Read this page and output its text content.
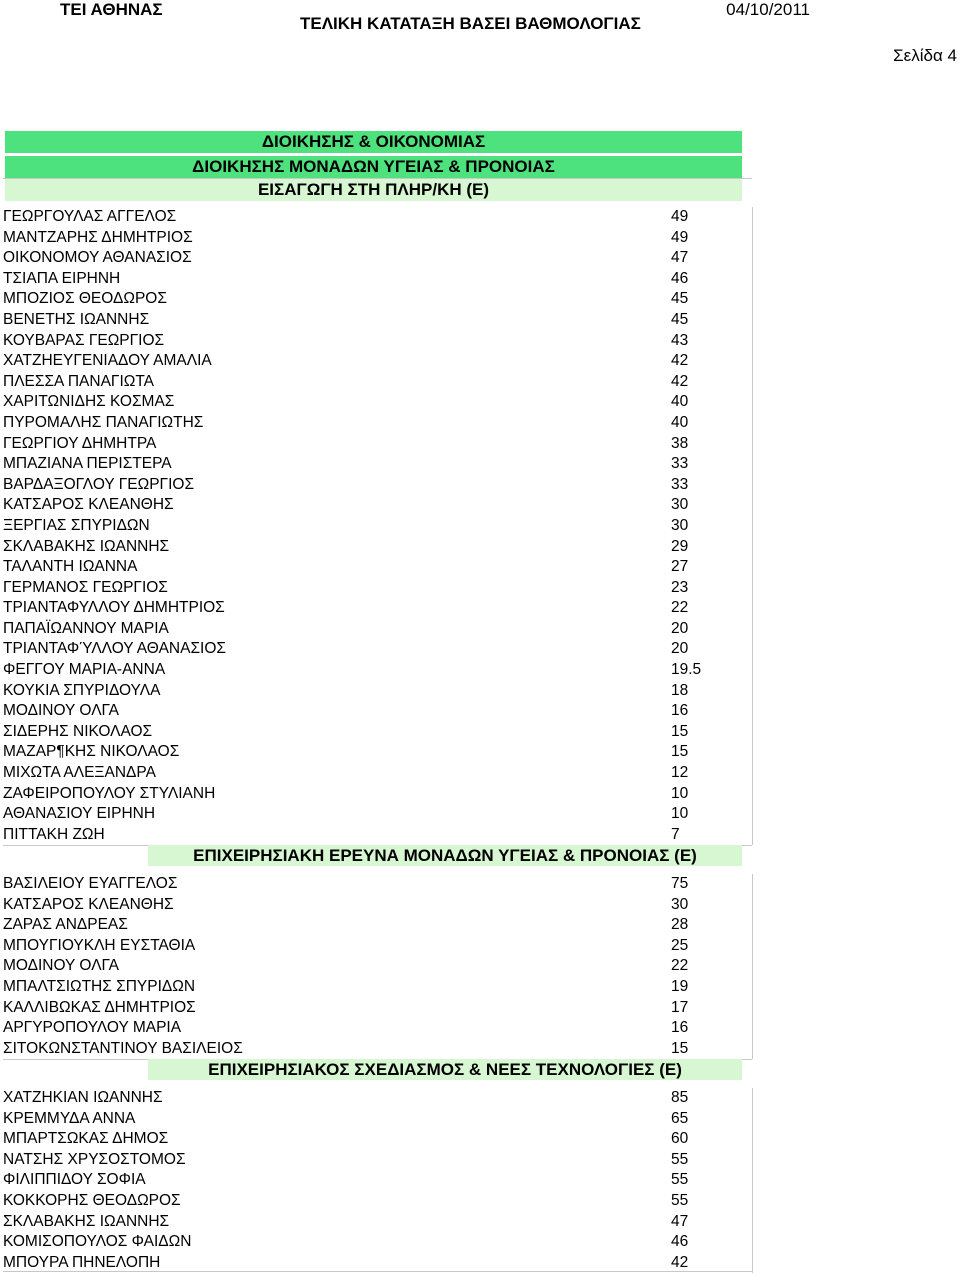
ΤΕΙ ΑΘΗΝΑΣ
ΤΕΛΙΚΗ ΚΑΤΑΤΑΞΗ ΒΑΣΕΙ ΒΑΘΜΟΛΟΓΙΑΣ
04/10/2011
Σελίδα 4
ΔΙΟΙΚΗΣΗΣ & ΟΙΚΟΝΟΜΙΑΣ
ΔΙΟΙΚΗΣΗΣ ΜΟΝΑΔΩΝ ΥΓΕΙΑΣ & ΠΡΟΝΟΙΑΣ
ΕΙΣΑΓΩΓΗ ΣΤΗ ΠΛΗΡ/ΚΗ (Ε)
ΓΕΩΡΓΟΥΛΑΣ ΑΓΓΕΛΟΣ	49
ΜΑΝΤΖΑΡΗΣ ΔΗΜΗΤΡΙΟΣ	49
ΟΙΚΟΝΟΜΟΥ ΑΘΑΝΑΣΙΟΣ	47
ΤΣΙΑΠΑ ΕΙΡΗΝΗ	46
ΜΠΟΖΙΟΣ ΘΕΟΔΩΡΟΣ	45
ΒΕΝΕΤΗΣ ΙΩΑΝΝΗΣ	45
ΚΟΥΒΑΡΑΣ ΓΕΩΡΓΙΟΣ	43
ΧΑΤΖΗΕΥΓΕΝΙΑΔΟΥ ΑΜΑΛΙΑ	42
ΠΛΕΣΣΑ ΠΑΝΑΓΙΩΤΑ	42
ΧΑΡΙΤΩΝΙΔΗΣ ΚΟΣΜΑΣ	40
ΠΥΡΟΜΑΛΗΣ ΠΑΝΑΓΙΩΤΗΣ	40
ΓΕΩΡΓΙΟΥ ΔΗΜΗΤΡΑ	38
ΜΠΑΖΙΑΝΑ ΠΕΡΙΣΤΕΡΑ	33
ΒΑΡΔΑΞΟΓΛΟΥ ΓΕΩΡΓΙΟΣ	33
ΚΑΤΣΑΡΟΣ ΚΛΕΑΝΘΗΣ	30
ΞΕΡΓΙΑΣ ΣΠΥΡΙΔΩΝ	30
ΣΚΛΑΒΑΚΗΣ ΙΩΑΝΝΗΣ	29
ΤΑΛΑΝΤΗ ΙΩΑΝΝΑ	27
ΓΕΡΜΑΝΟΣ ΓΕΩΡΓΙΟΣ	23
ΤΡΙΑΝΤΑΦΥΛΛΟΥ ΔΗΜΗΤΡΙΟΣ	22
ΠΑΠΑΪΩΑΝΝΟΥ ΜΑΡΙΑ	20
ΤΡΙΑΝΤΑΦΎΛΛΟΥ ΑΘΑΝΑΣΙΟΣ	20
ΦΕΓΓΟΥ ΜΑΡΙΑ-ΑΝΝΑ	19.5
ΚΟΥΚΙΑ ΣΠΥΡΙΔΟΥΛΑ	18
ΜΟΔΙΝΟΥ ΟΛΓΑ	16
ΣΙΔΕΡΗΣ ΝΙΚΟΛΑΟΣ	15
ΜΑΖΑΡ¶ΚΗΣ ΝΙΚΟΛΑΟΣ	15
ΜΙΧΩΤΑ ΑΛΕΞΑΝΔΡΑ	12
ΖΑΦΕΙΡΟΠΟΥΛΟΥ ΣΤΥΛΙΑΝΗ	10
ΑΘΑΝΑΣΙΟΥ ΕΙΡΗΝΗ	10
ΠΙΤΤΑΚΗ ΖΩΗ	7
ΕΠΙΧΕΙΡΗΣΙΑΚΗ ΕΡΕΥΝΑ ΜΟΝΑΔΩΝ ΥΓΕΙΑΣ & ΠΡΟΝΟΙΑΣ (Ε)
ΒΑΣΙΛΕΙΟΥ ΕΥΑΓΓΕΛΟΣ	75
ΚΑΤΣΑΡΟΣ ΚΛΕΑΝΘΗΣ	30
ΖΑΡΑΣ ΑΝΔΡΕΑΣ	28
ΜΠΟΥΓΙΟΥΚΛΗ ΕΥΣΤΑΘΙΑ	25
ΜΟΔΙΝΟΥ ΟΛΓΑ	22
ΜΠΑΛΤΣΙΩΤΗΣ ΣΠΥΡΙΔΩΝ	19
ΚΑΛΛΙΒΩΚΑΣ ΔΗΜΗΤΡΙΟΣ	17
ΑΡΓΥΡΟΠΟΥΛΟΥ ΜΑΡΙΑ	16
ΣΙΤΟΚΩΝΣΤΑΝΤΙΝΟΥ ΒΑΣΙΛΕΙΟΣ	15
ΕΠΙΧΕΙΡΗΣΙΑΚΟΣ ΣΧΕΔΙΑΣΜΟΣ & ΝΕΕΣ ΤΕΧΝΟΛΟΓΙΕΣ (Ε)
ΧΑΤΖΗΚΙΑΝ ΙΩΑΝΝΗΣ	85
ΚΡΕΜΜΥΔΑ ΑΝΝΑ	65
ΜΠΑΡΤΣΩΚΑΣ ΔΗΜΟΣ	60
ΝΑΤΣΗΣ ΧΡΥΣΟΣΤΟΜΟΣ	55
ΦΙΛΙΠΠΙΔΟΥ ΣΟΦΙΑ	55
ΚΟΚΚΟΡΗΣ ΘΕΟΔΩΡΟΣ	55
ΣΚΛΑΒΑΚΗΣ ΙΩΑΝΝΗΣ	47
ΚΟΜΙΣΟΠΟΥΛΟΣ ΦΑΙΔΩΝ	46
ΜΠΟΥΡΑ ΠΗΝΕΛΟΠΗ	42
